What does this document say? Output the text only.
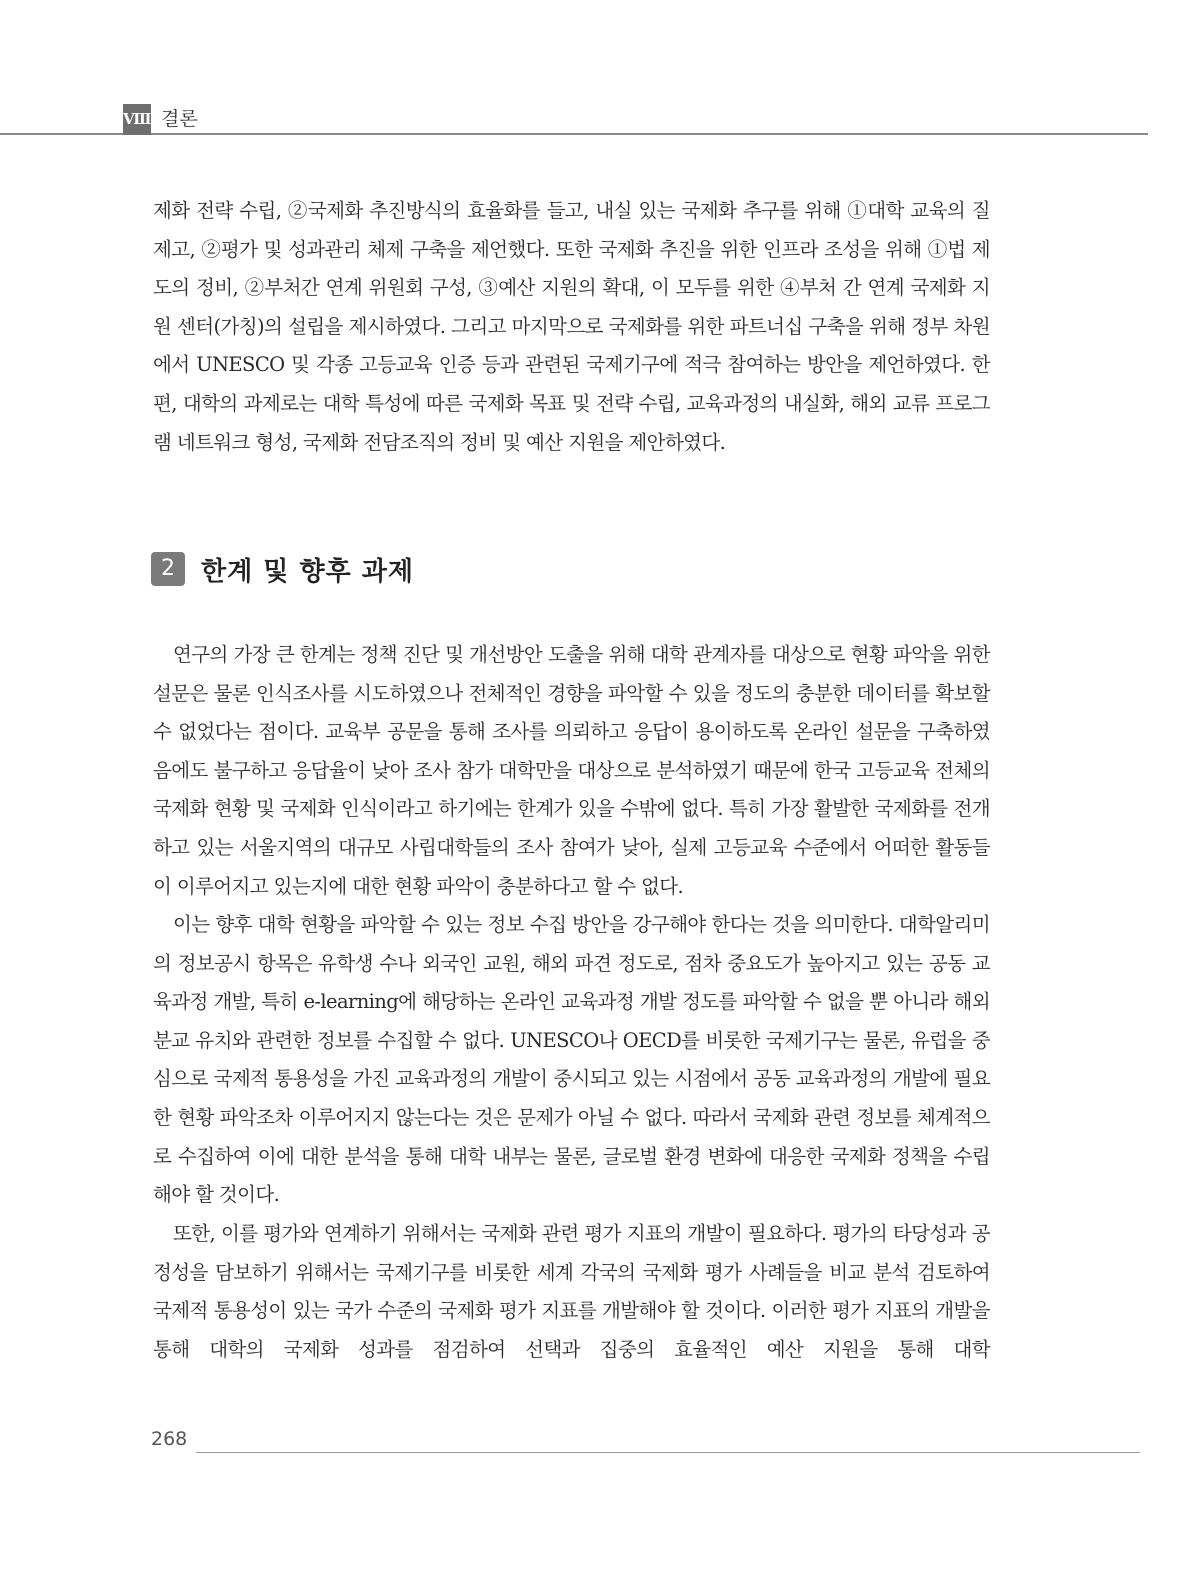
Ⅷ 결론

제화 전략 수립, ②국제화 추진방식의 효율화를 들고, 내실 있는 국제화 추구를 위해 ①대학 교육의 질 제고, ②평가 및 성과관리 체제 구축을 제언했다. 또한 국제화 추진을 위한 인프라 조성을 위해 ①법 제도의 정비, ②부처간 연계 위원회 구성, ③예산 지원의 확대, 이 모두를 위한 ④부처 간 연계 국제화 지원 센터(가칭)의 설립을 제시하였다. 그리고 마지막으로 국제화를 위한 파트너십 구축을 위해 정부 차원에서 UNESCO 및 각종 고등교육 인증 등과 관련된 국제기구에 적극 참여하는 방안을 제언하였다. 한편, 대학의 과제로는 대학 특성에 따른 국제화 목표 및 전략 수립, 교육과정의 내실화, 해외 교류 프로그램 네트워크 형성, 국제화 전담조직의 정비 및 예산 지원을 제안하였다.

2	한계 및 향후 과제

연구의 가장 큰 한계는 정책 진단 및 개선방안 도출을 위해 대학 관계자를 대상으로 현황 파악을 위한 설문은 물론 인식조사를 시도하였으나 전체적인 경향을 파악할 수 있을 정도의 충분한 데이터를 확보할 수 없었다는 점이다. 교육부 공문을 통해 조사를 의뢰하고 응답이 용이하도록 온라인 설문을 구축하였음에도 불구하고 응답율이 낮아 조사 참가 대학만을 대상으로 분석하였기 때문에 한국 고등교육 전체의 국제화 현황 및 국제화 인식이라고 하기에는 한계가 있을 수밖에 없다. 특히 가장 활발한 국제화를 전개하고 있는 서울지역의 대규모 사립대학들의 조사 참여가 낮아, 실제 고등교육 수준에서 어떠한 활동들이 이루어지고 있는지에 대한 현황 파악이 충분하다고 할 수 없다.

이는 향후 대학 현황을 파악할 수 있는 정보 수집 방안을 강구해야 한다는 것을 의미한다. 대학알리미의 정보공시 항목은 유학생 수나 외국인 교원, 해외 파견 정도로, 점차 중요도가 높아지고 있는 공동 교육과정 개발, 특히 e-learning에 해당하는 온라인 교육과정 개발 정도를 파악할 수 없을 뿐 아니라 해외 분교 유치와 관련한 정보를 수집할 수 없다. UNESCO나 OECD를 비롯한 국제기구는 물론, 유럽을 중심으로 국제적 통용성을 가진 교육과정의 개발이 중시되고 있는 시점에서 공동 교육과정의 개발에 필요한 현황 파악조차 이루어지지 않는다는 것은 문제가 아닐 수 없다. 따라서 국제화 관련 정보를 체계적으로 수집하여 이에 대한 분석을 통해 대학 내부는 물론, 글로벌 환경 변화에 대응한 국제화 정책을 수립해야 할 것이다.

또한, 이를 평가와 연계하기 위해서는 국제화 관련 평가 지표의 개발이 필요하다. 평가의 타당성과 공정성을 담보하기 위해서는 국제기구를 비롯한 세계 각국의 국제화 평가 사례들을 비교 분석 검토하여 국제적 통용성이 있는 국가 수준의 국제화 평가 지표를 개발해야 할 것이다. 이러한 평가 지표의 개발을 통해 대학의 국제화 성과를 점검하여 선택과 집중의 효율적인 예산 지원을 통해 대학

268
